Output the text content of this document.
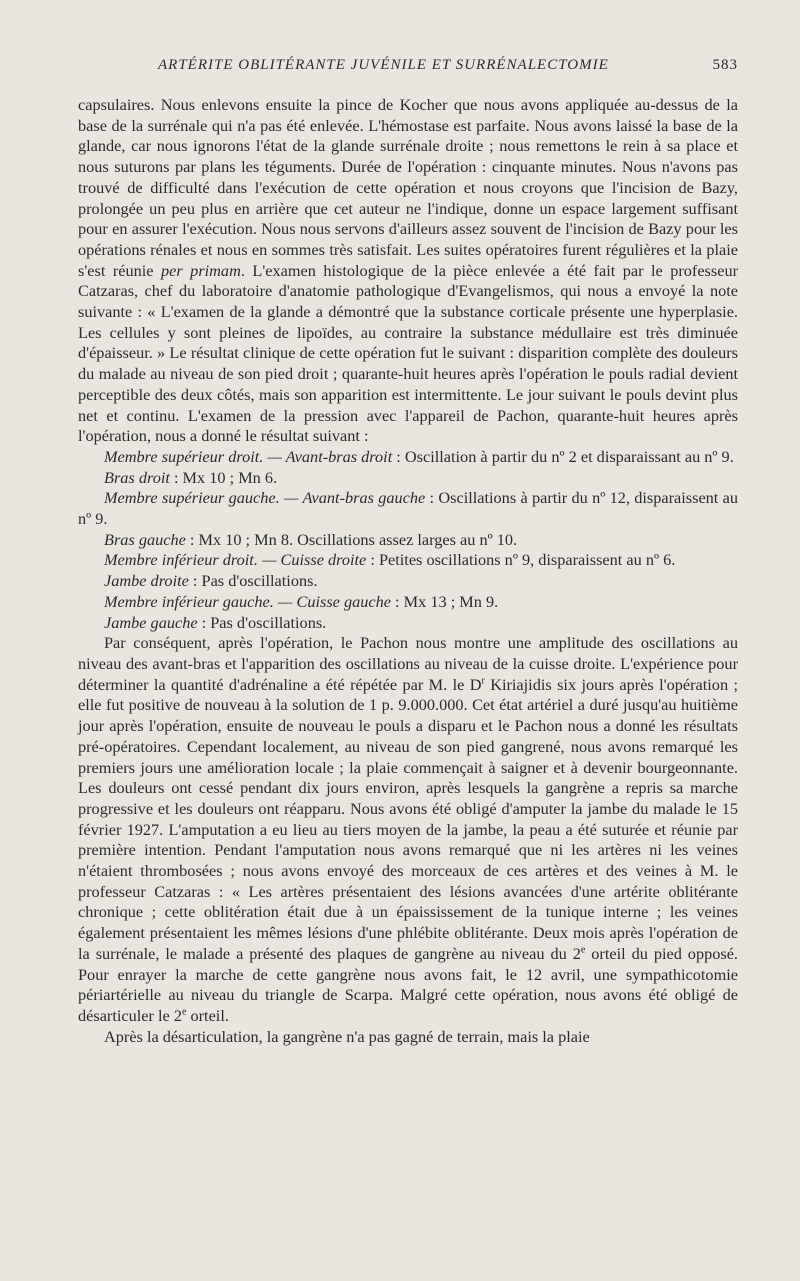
ARTÉRITE OBLITÉRANTE JUVÉNILE ET SURRÉNALECTOMIE	583

capsulaires. Nous enlevons ensuite la pince de Kocher que nous avons appliquée au-dessus de la base de la surrénale qui n'a pas été enlevée. L'hémostase est parfaite. Nous avons laissé la base de la glande, car nous ignorons l'état de la glande surrénale droite ; nous remettons le rein à sa place et nous suturons par plans les téguments. Durée de l'opération : cinquante minutes. Nous n'avons pas trouvé de difficulté dans l'exécution de cette opération et nous croyons que l'incision de Bazy, prolongée un peu plus en arrière que cet auteur ne l'indique, donne un espace largement suffisant pour en assurer l'exécution. Nous nous servons d'ailleurs assez souvent de l'incision de Bazy pour les opérations rénales et nous en sommes très satisfait. Les suites opératoires furent régulières et la plaie s'est réunie per primam. L'examen histologique de la pièce enlevée a été fait par le professeur Catzaras, chef du laboratoire d'anatomie pathologique d'Evangelismos, qui nous a envoyé la note suivante : « L'examen de la glande a démontré que la substance corticale présente une hyperplasie. Les cellules y sont pleines de lipoïdes, au contraire la substance médullaire est très diminuée d'épaisseur. » Le résultat clinique de cette opération fut le suivant : disparition complète des douleurs du malade au niveau de son pied droit ; quarante-huit heures après l'opération le pouls radial devient perceptible des deux côtés, mais son apparition est intermittente. Le jour suivant le pouls devint plus net et continu. L'examen de la pression avec l'appareil de Pachon, quarante-huit heures après l'opération, nous a donné le résultat suivant :

Membre supérieur droit. — Avant-bras droit : Oscillation à partir du nº 2 et disparaissant au nº 9.

Bras droit : Mx 10 ; Mn 6.

Membre supérieur gauche. — Avant-bras gauche : Oscillations à partir du nº 12, disparaissent au nº 9.

Bras gauche : Mx 10 ; Mn 8. Oscillations assez larges au nº 10.

Membre inférieur droit. — Cuisse droite : Petites oscillations nº 9, disparaissent au nº 6.

Jambe droite : Pas d'oscillations.

Membre inférieur gauche. — Cuisse gauche : Mx 13 ; Mn 9.

Jambe gauche : Pas d'oscillations.

Par conséquent, après l'opération, le Pachon nous montre une amplitude des oscillations au niveau des avant-bras et l'apparition des oscillations au niveau de la cuisse droite. L'expérience pour déterminer la quantité d'adrénaline a été répétée par M. le $D^r$ Kiriajidis six jours après l'opération ; elle fut positive de nouveau à la solution de 1 p. 9.000.000. Cet état artériel a duré jusqu'au huitième jour après l'opération, ensuite de nouveau le pouls a disparu et le Pachon nous a donné les résultats pré-opératoires. Cependant localement, au niveau de son pied gangrené, nous avons remarqué les premiers jours une amélioration locale ; la plaie commençait à saigner et à devenir bourgeonnante. Les douleurs ont cessé pendant dix jours environ, après lesquels la gangrène a repris sa marche progressive et les douleurs ont réapparu. Nous avons été obligé d'amputer la jambe du malade le 15 février 1927. L'amputation a eu lieu au tiers moyen de la jambe, la peau a été suturée et réunie par première intention. Pendant l'amputation nous avons remarqué que ni les artères ni les veines n'étaient thrombosées ; nous avons envoyé des morceaux de ces artères et des veines à M. le professeur Catzaras : « Les artères présentaient des lésions avancées d'une artérite oblitérante chronique ; cette oblitération était due à un épaississement de la tunique interne ; les veines également présentaient les mêmes lésions d'une phlébite oblitérante. Deux mois après l'opération de la surrénale, le malade a présenté des plaques de gangrène au niveau du 2e orteil du pied opposé. Pour enrayer la marche de cette gangrène nous avons fait, le 12 avril, une sympathicotomie périartérielle au niveau du triangle de Scarpa. Malgré cette opération, nous avons été obligé de désarticuler le 2e orteil.

Après la désarticulation, la gangrène n'a pas gagné de terrain, mais la plaie
